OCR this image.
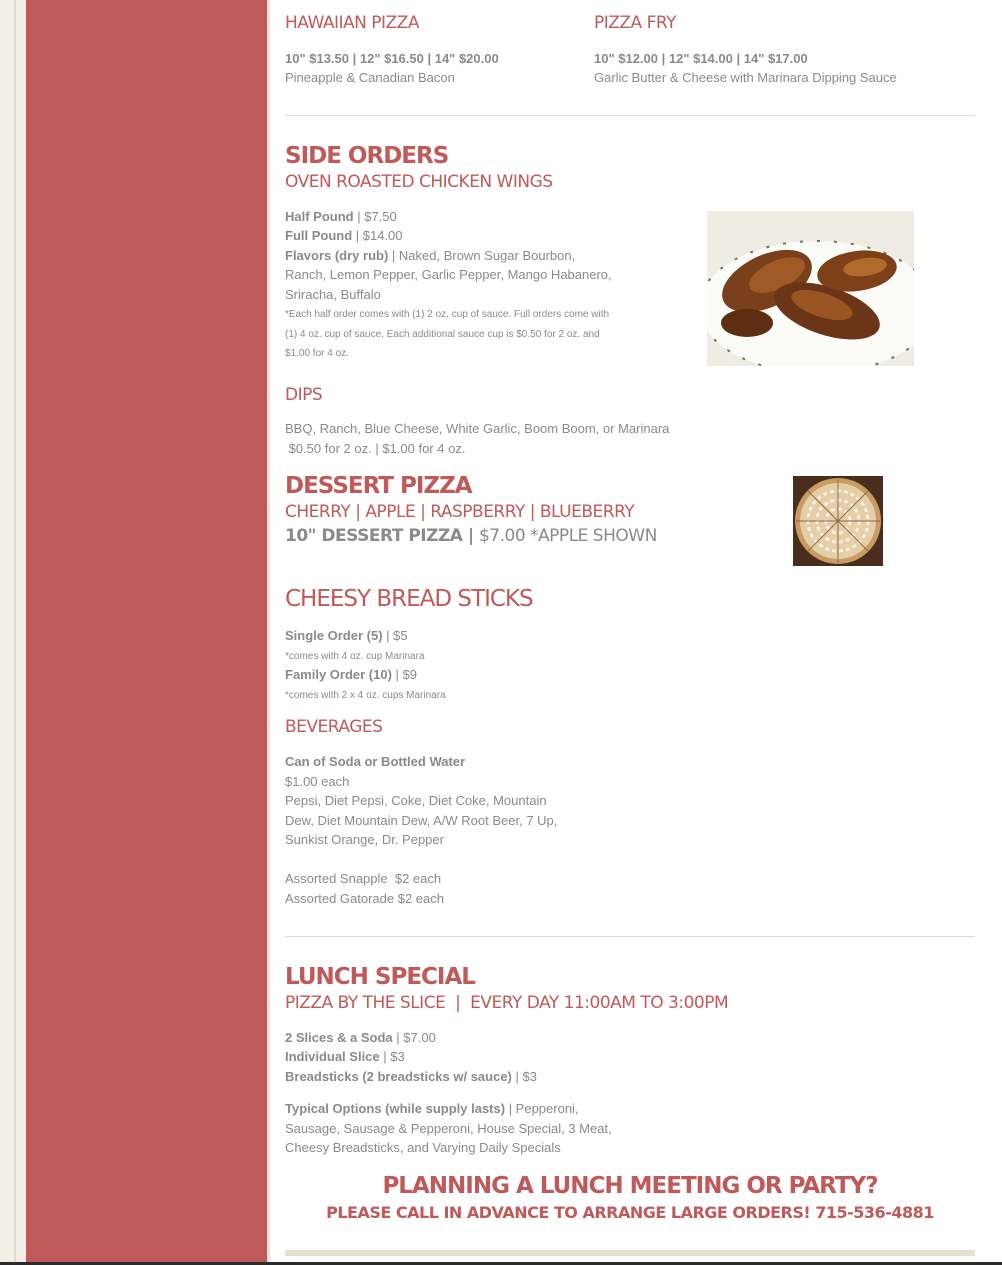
HAWAIIAN PIZZA
10" $13.50 | 12" $16.50 | 14" $20.00
Pineapple & Canadian Bacon
PIZZA FRY
10" $12.00 | 12" $14.00 | 14" $17.00
Garlic Butter & Cheese with Marinara Dipping Sauce
SIDE ORDERS
OVEN ROASTED CHICKEN WINGS
Half Pound | $7.50
Full Pound | $14.00
Flavors (dry rub) | Naked, Brown Sugar Bourbon,
Ranch, Lemon Pepper, Garlic Pepper, Mango Habanero,
Sriracha, Buffalo
*Each half order comes with (1) 2 oz. cup of sauce. Full orders come with
(1) 4 oz. cup of sauce. Each additional sauce cup is $0.50 for 2 oz. and
$1.00 for 4 oz.
DIPS
BBQ, Ranch, Blue Cheese, White Garlic, Boom Boom, or Marinara
$0.50 for 2 oz. | $1.00 for 4 oz.
DESSERT PIZZA
CHERRY | APPLE | RASPBERRY | BLUEBERRY
10" DESSERT PIZZA | $7.00 *APPLE SHOWN
CHEESY BREAD STICKS
Single Order (5) | $5
*comes with 4 oz. cup Marinara
Family Order (10) | $9
*comes with 2 x 4 oz. cups Marinara
BEVERAGES
Can of Soda or Bottled Water
$1.00 each
Pepsi, Diet Pepsi, Coke, Diet Coke, Mountain
Dew, Diet Mountain Dew, A/W Root Beer, 7 Up,
Sunkist Orange, Dr. Pepper
Assorted Snapple  $2 each
Assorted Gatorade $2 each
LUNCH SPECIAL
PIZZA BY THE SLICE  |  EVERY DAY 11:00AM TO 3:00PM
2 Slices & a Soda | $7.00
Individual Slice | $3
Breadsticks (2 breadsticks w/ sauce) | $3
Typical Options (while supply lasts) | Pepperoni,
Sausage, Sausage & Pepperoni, House Special, 3 Meat,
Cheesy Breadsticks, and Varying Daily Specials
PLANNING A LUNCH MEETING OR PARTY?
PLEASE CALL IN ADVANCE TO ARRANGE LARGE ORDERS! 715-536-4881
